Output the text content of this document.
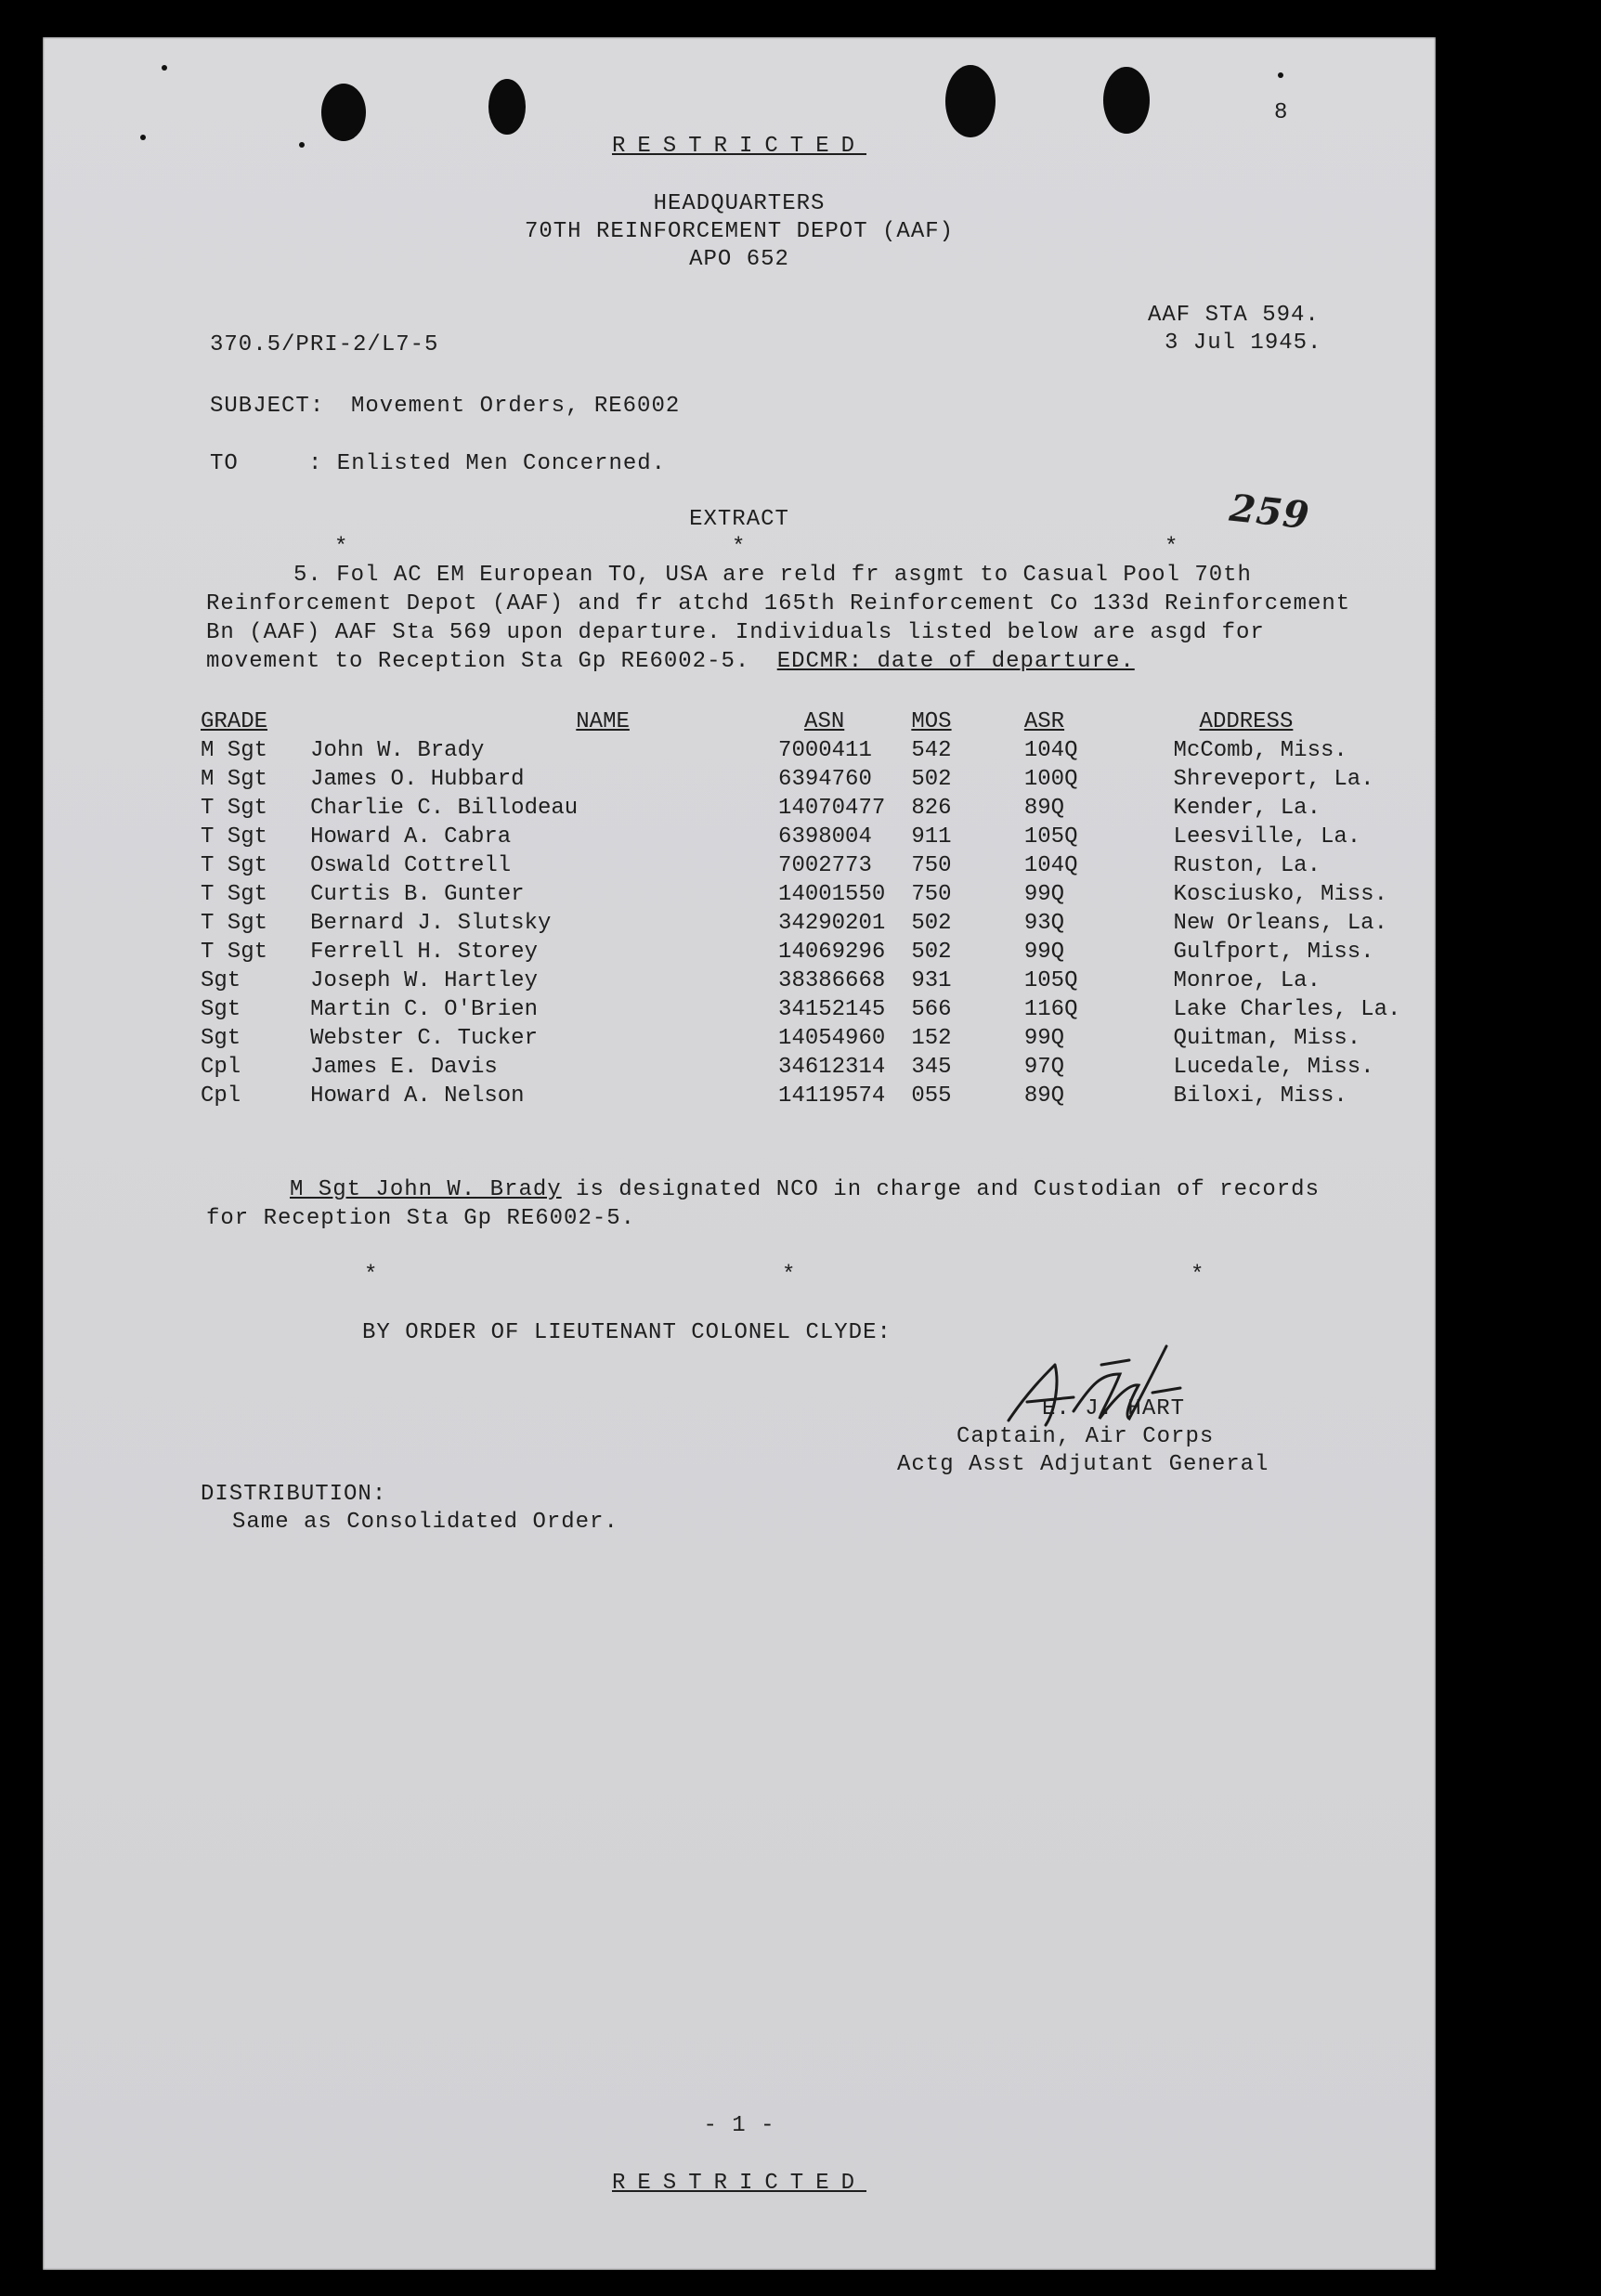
8
RESTRICTED
HEADQUARTERS
70TH REINFORCEMENT DEPOT (AAF)
APO 652
AAF STA 594.
3 Jul 1945.
370.5/PRI-2/L7-5
SUBJECT: Movement Orders, RE6002
TO	: Enlisted Men Concerned.
EXTRACT	259
*	*	*
5. Fol AC EM European TO, USA are reld fr asgmt to Casual Pool 70th
Reinforcement Depot (AAF) and fr atchd 165th Reinforcement Co 133d Reinforcement
Bn (AAF) AAF Sta 569 upon departure. Individuals listed below are asgd for
movement to Reception Sta Gp RE6002-5. EDCMR: date of departure.
GRADE	NAME	ASN	MOS	ASR	ADDRESS
M Sgt	John W. Brady	7000411	542	104Q	McComb, Miss.
M Sgt	James O. Hubbard	6394760	502	100Q	Shreveport, La.
T Sgt	Charlie C. Billodeau	14070477	826	89Q	Kender, La.
T Sgt	Howard A. Cabra	6398004	911	105Q	Leesville, La.
T Sgt	Oswald Cottrell	7002773	750	104Q	Ruston, La.
T Sgt	Curtis B. Gunter	14001550	750	99Q	Kosciusko, Miss.
T Sgt	Bernard J. Slutsky	34290201	502	93Q	New Orleans, La.
T Sgt	Ferrell H. Storey	14069296	502	99Q	Gulfport, Miss.
Sgt	Joseph W. Hartley	38386668	931	105Q	Monroe, La.
Sgt	Martin C. O'Brien	34152145	566	116Q	Lake Charles, La.
Sgt	Webster C. Tucker	14054960	152	99Q	Quitman, Miss.
Cpl	James E. Davis	34612314	345	97Q	Lucedale, Miss.
Cpl	Howard A. Nelson	14119574	055	89Q	Biloxi, Miss.
M Sgt John W. Brady is designated NCO in charge and Custodian of records
for Reception Sta Gp RE6002-5.
*	*	*
BY ORDER OF LIEUTENANT COLONEL CLYDE:
E. J. HART
Captain, Air Corps
Actg Asst Adjutant General
DISTRIBUTION:
Same as Consolidated Order.
- 1 -
RESTRICTED
